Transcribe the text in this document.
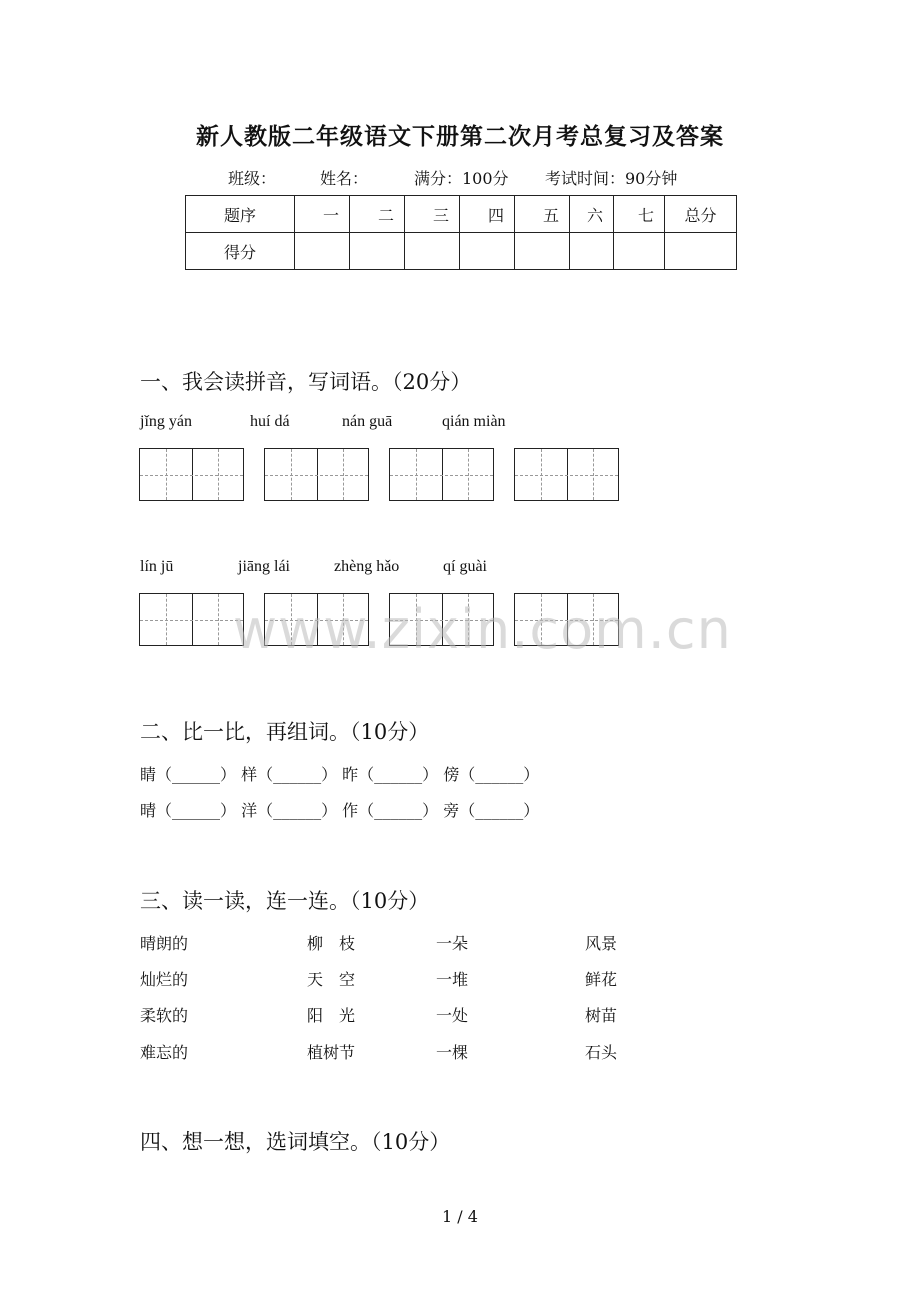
新人教版二年级语文下册第二次月考总复习及答案
班级：	姓名：	满分：100分 考试时间：90分钟
题序	一	二	三	四	五	六	七	总分
得分								
一、我会读拼音，写词语。（20分）
jǐng yán	huí dá	nán guā	qián miàn
lín jū	jiāng lái	zhèng hǎo	qí guài
www.zixin.com.cn
二、比一比，再组词。（10分）
睛（______） 样（______） 昨（______） 傍（______）
晴（______） 洋（______） 作（______） 旁（______）
三、读一读，连一连。（10分）
晴朗的	柳　枝	一朵	风景
灿烂的	天　空	一堆	鲜花
柔软的	阳　光	一处	树苗
难忘的	植树节	一棵	石头
四、想一想，选词填空。（10分）
1 / 4
